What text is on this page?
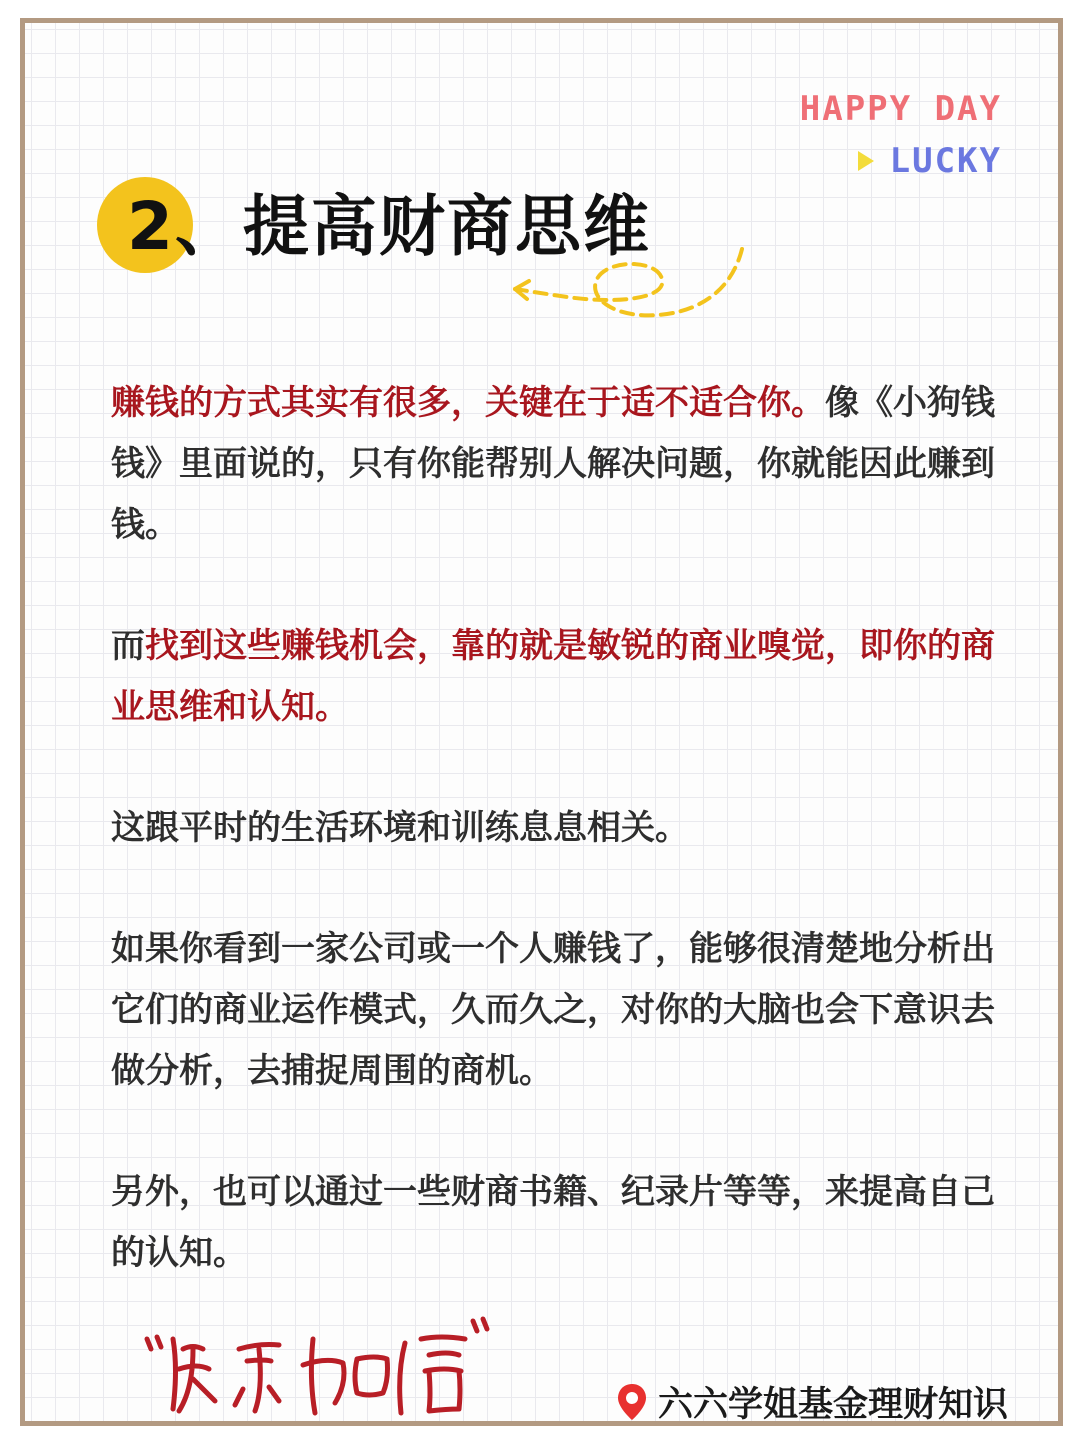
HAPPY DAY
LUCKY
2、提高财商思维

赚钱的方式其实有很多，关键在于适不适合你。像《小狗钱钱》里面说的，只有你能帮别人解决问题，你就能因此赚到钱。

而找到这些赚钱机会，靠的就是敏锐的商业嗅觉，即你的商业思维和认知。

这跟平时的生活环境和训练息息相关。

如果你看到一家公司或一个人赚钱了，能够很清楚地分析出它们的商业运作模式，久而久之，对你的大脑也会下意识去做分析，去捕捉周围的商机。

另外，也可以通过一些财商书籍、纪录片等等，来提高自己的认知。

六六学姐基金理财知识
